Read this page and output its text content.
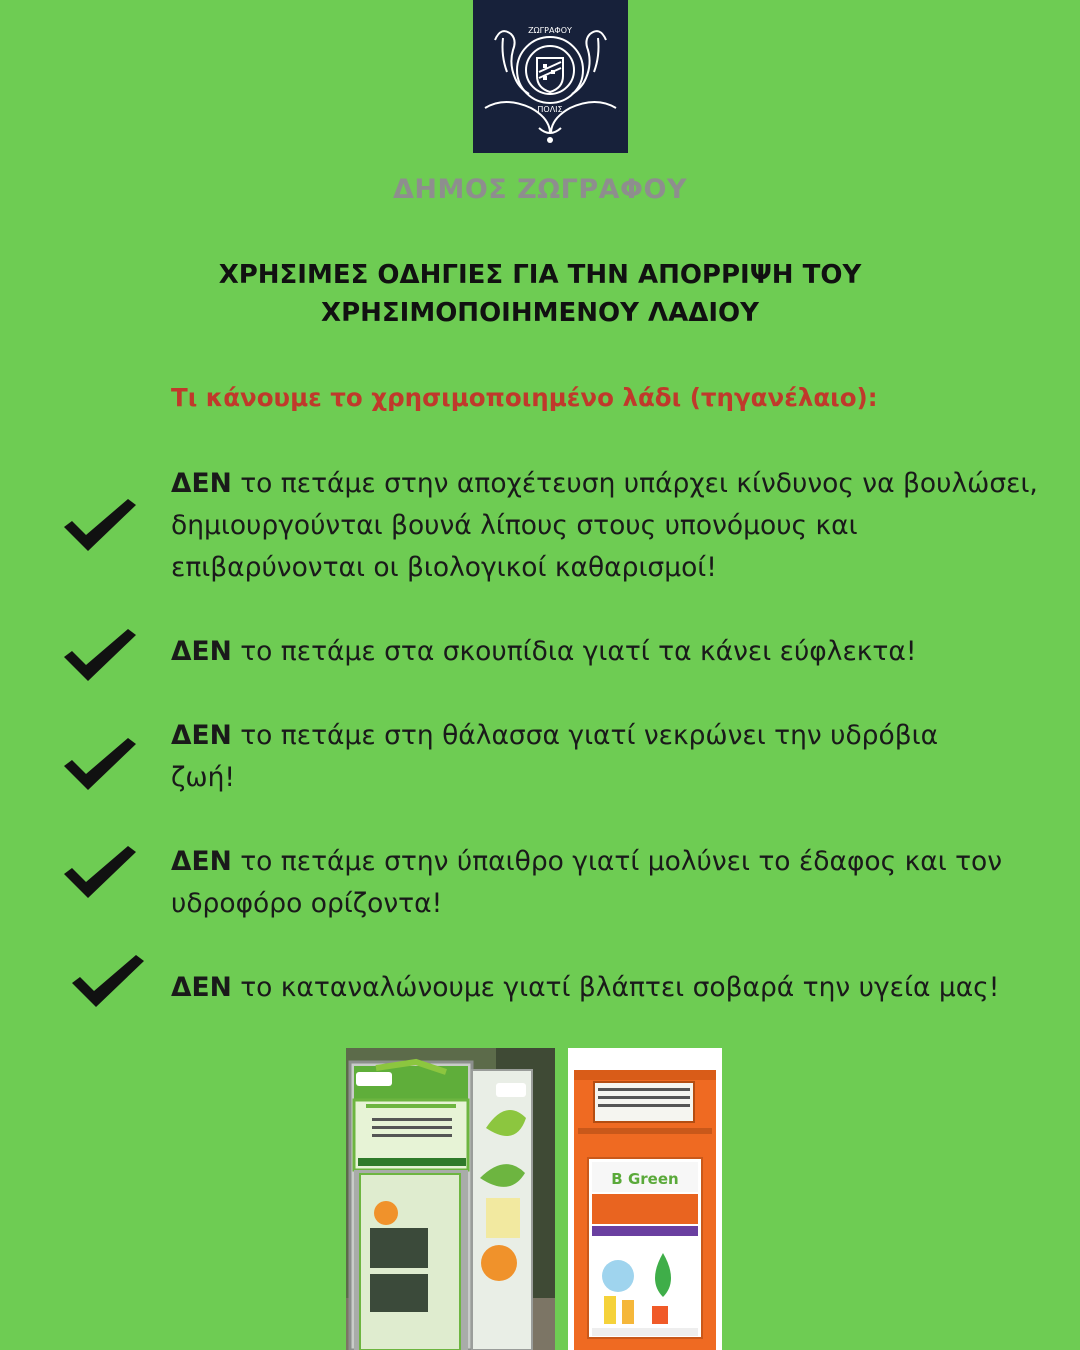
ΖΩΓΡΑΦΟΥ
ΠΟΛΙΣ
ΔΗΜΟΣ ΖΩΓΡΑΦΟΥ
ΧΡΗΣΙΜΕΣ ΟΔΗΓΙΕΣ ΓΙΑ ΤΗΝ ΑΠΟΡΡΙΨΗ ΤΟΥ
ΧΡΗΣΙΜΟΠΟΙΗΜΕΝΟΥ ΛΑΔΙΟΥ
Τι κάνουμε το χρησιμοποιημένο λάδι (τηγανέλαιο):
ΔΕΝ το πετάμε στην αποχέτευση υπάρχει κίνδυνος να βουλώσει, δημιουργούνται βουνά λίπους στους υπονόμους και επιβαρύνονται οι βιολογικοί καθαρισμοί!
ΔΕΝ το πετάμε στα σκουπίδια γιατί τα κάνει εύφλεκτα!
ΔΕΝ το πετάμε στη θάλασσα γιατί νεκρώνει την υδρόβια ζωή!
ΔΕΝ το πετάμε στην ύπαιθρο γιατί μολύνει το έδαφος και τον υδροφόρο ορίζοντα!
ΔΕΝ το καταναλώνουμε γιατί βλάπτει σοβαρά την υγεία μας!
B Green
